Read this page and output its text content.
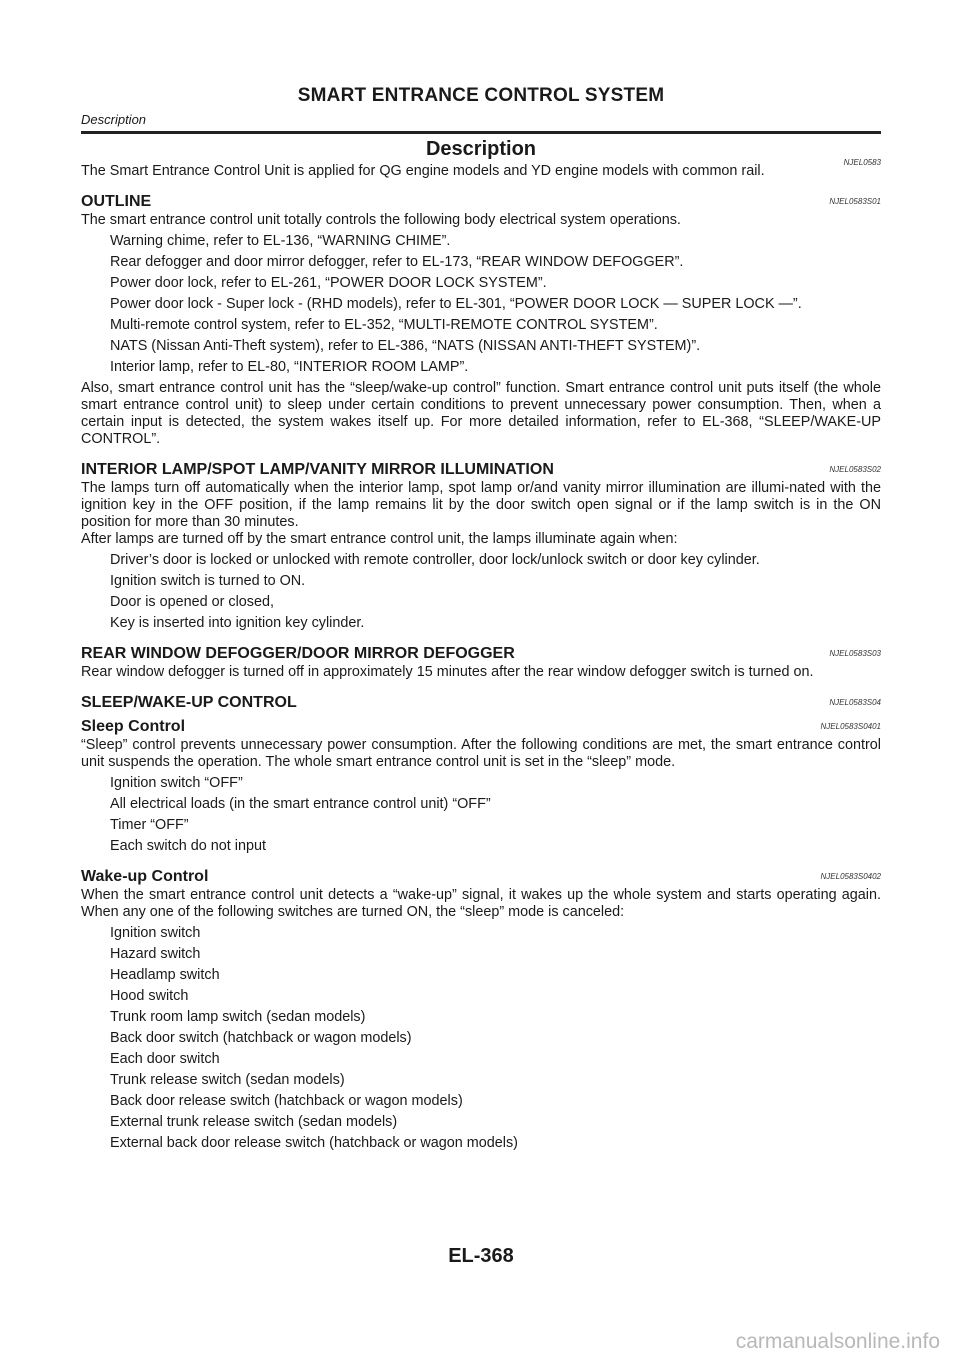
SMART ENTRANCE CONTROL SYSTEM
Description
Description
NJEL0583

The Smart Entrance Control Unit is applied for QG engine models and YD engine models with common rail.

OUTLINE	NJEL0583S01

The smart entrance control unit totally controls the following body electrical system operations.

Warning chime, refer to EL-136, “WARNING CHIME”.

Rear defogger and door mirror defogger, refer to EL-173, “REAR WINDOW DEFOGGER”.

Power door lock, refer to EL-261, “POWER DOOR LOCK SYSTEM”.

Power door lock - Super lock - (RHD models), refer to EL-301, “POWER DOOR LOCK — SUPER LOCK —”.

Multi-remote control system, refer to EL-352, “MULTI-REMOTE CONTROL SYSTEM”.

NATS (Nissan Anti-Theft system), refer to EL-386, “NATS (NISSAN ANTI-THEFT SYSTEM)”.

Interior lamp, refer to EL-80, “INTERIOR ROOM LAMP”.

Also, smart entrance control unit has the “sleep/wake-up control” function. Smart entrance control unit puts itself (the whole smart entrance control unit) to sleep under certain conditions to prevent unnecessary power consumption. Then, when a certain input is detected, the system wakes itself up. For more detailed information, refer to EL-368, “SLEEP/WAKE-UP CONTROL”.

INTERIOR LAMP/SPOT LAMP/VANITY MIRROR ILLUMINATION	NJEL0583S02

The lamps turn off automatically when the interior lamp, spot lamp or/and vanity mirror illumination are illumi-nated with the ignition key in the OFF position, if the lamp remains lit by the door switch open signal or if the lamp switch is in the ON position for more than 30 minutes.

After lamps are turned off by the smart entrance control unit, the lamps illuminate again when:

Driver’s door is locked or unlocked with remote controller, door lock/unlock switch or door key cylinder.

Ignition switch is turned to ON.

Door is opened or closed,

Key is inserted into ignition key cylinder.

REAR WINDOW DEFOGGER/DOOR MIRROR DEFOGGER	NJEL0583S03

Rear window defogger is turned off in approximately 15 minutes after the rear window defogger switch is turned on.

SLEEP/WAKE-UP CONTROL	NJEL0583S04
Sleep Control	NJEL0583S0401

“Sleep” control prevents unnecessary power consumption. After the following conditions are met, the smart entrance control unit suspends the operation. The whole smart entrance control unit is set in the “sleep” mode.

Ignition switch “OFF”

All electrical loads (in the smart entrance control unit) “OFF”

Timer “OFF”

Each switch do not input

Wake-up Control	NJEL0583S0402

When the smart entrance control unit detects a “wake-up” signal, it wakes up the whole system and starts operating again. When any one of the following switches are turned ON, the “sleep” mode is canceled:

Ignition switch

Hazard switch

Headlamp switch

Hood switch

Trunk room lamp switch (sedan models)

Back door switch (hatchback or wagon models)

Each door switch

Trunk release switch (sedan models)

Back door release switch (hatchback or wagon models)

External trunk release switch (sedan models)

External back door release switch (hatchback or wagon models)

EL-368
carmanualsonline.info
